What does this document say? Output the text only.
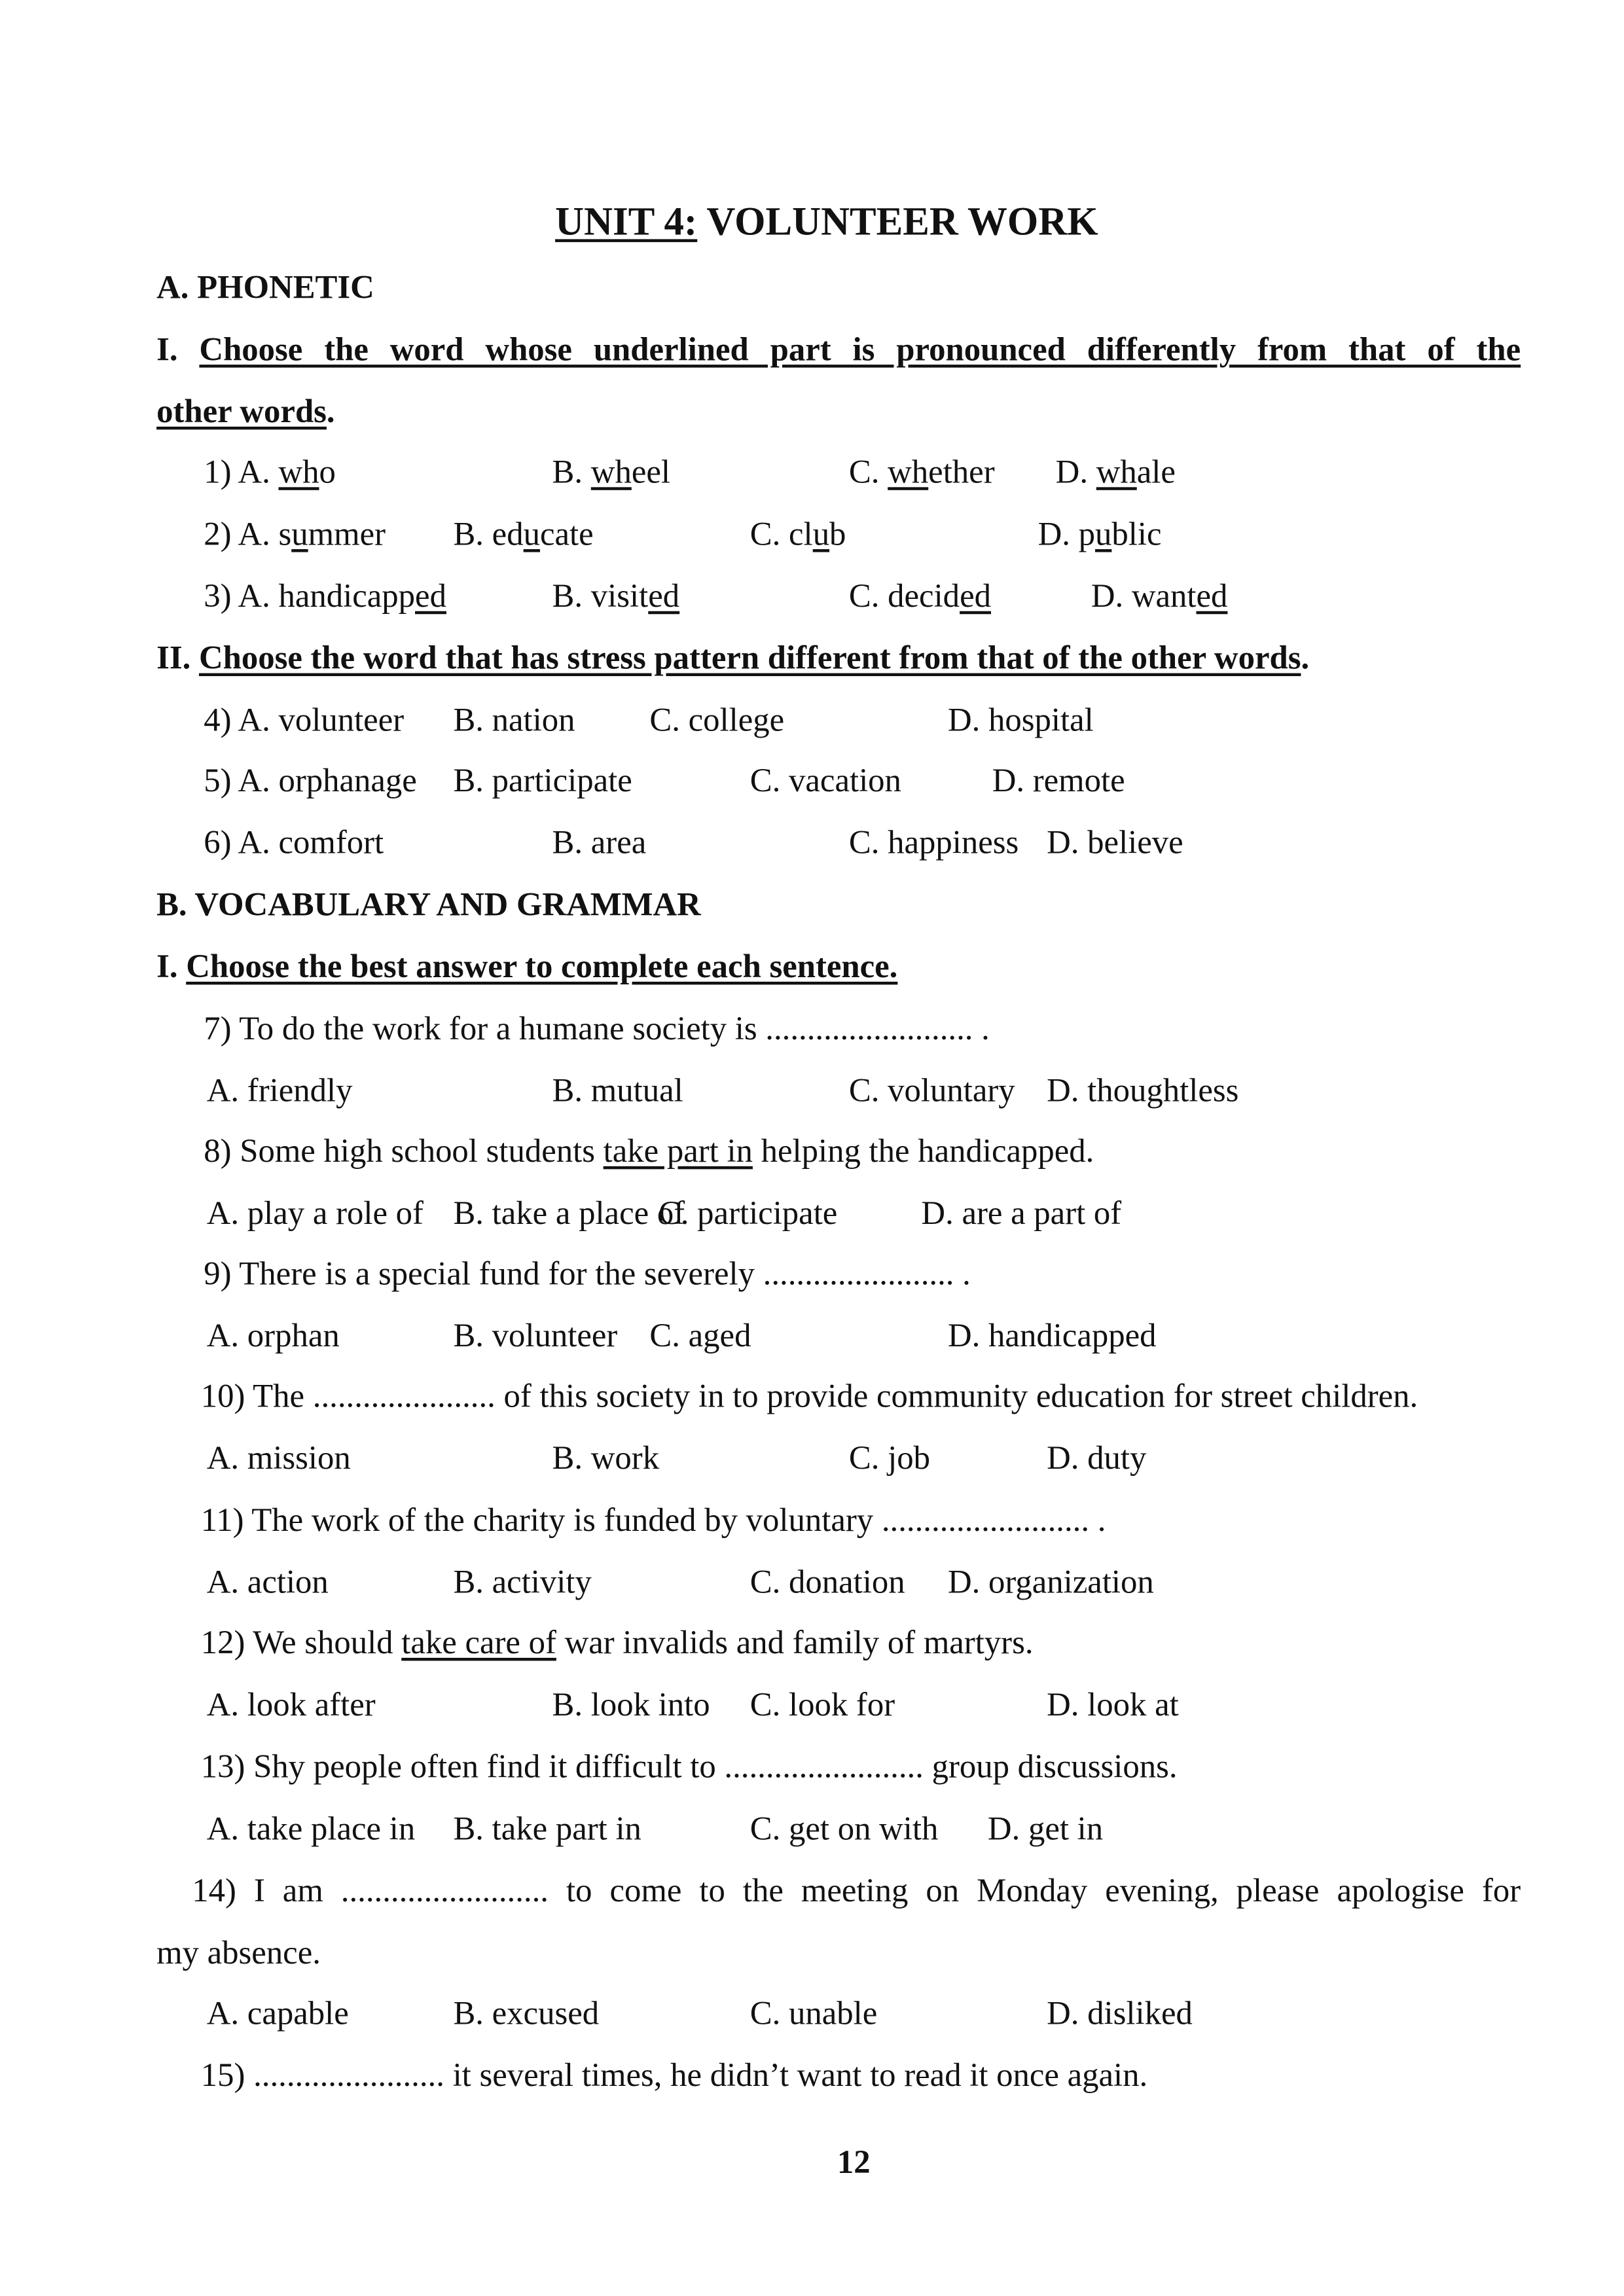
UNIT 4: VOLUNTEER WORK
A. PHONETIC
I. Choose the word whose underlined part is pronounced differently from that of the
other words.
1) A. who	B. wheel	C. whether	D. whale
2) A. summer	B. educate	C. club	D. public
3) A. handicapped	B. visited	C. decided	D. wanted
II. Choose the word that has stress pattern different from that of the other words.
4) A. volunteer	B. nation	C. college	D. hospital
5) A. orphanage B. participate	C. vacation	D. remote
6) A. comfort	B. area	C. happiness D. believe
B. VOCABULARY AND GRAMMAR
I. Choose the best answer to complete each sentence.
7) To do the work for a humane society is ......................... .
A. friendly	B. mutual	C. voluntary D. thoughtless
8) Some high school students take part in helping the handicapped.
A. play a role of B. take a place of
C. participate	D. are a part of
9) There is a special fund for the severely ....................... .
A. orphan	B. volunteer C. aged	D. handicapped
10) The ...................... of this society in to provide community education for street children.
A. mission	B. work	C. job	D. duty
11) The work of the charity is funded by voluntary ......................... .
A. action	B. activity	C. donation	D. organization
12) We should take care of war invalids and family of martyrs.
A. look after	B. look into	C. look for	D. look at
13) Shy people often find it difficult to ........................ group discussions.
A. take place in	B. take part in	C. get on with	D. get in
14) I am ......................... to come to the meeting on Monday evening, please apologise for
my absence.
A. capable	B. excused	C. unable	D. disliked
15) ....................... it several times, he didn’t want to read it once again.
12
